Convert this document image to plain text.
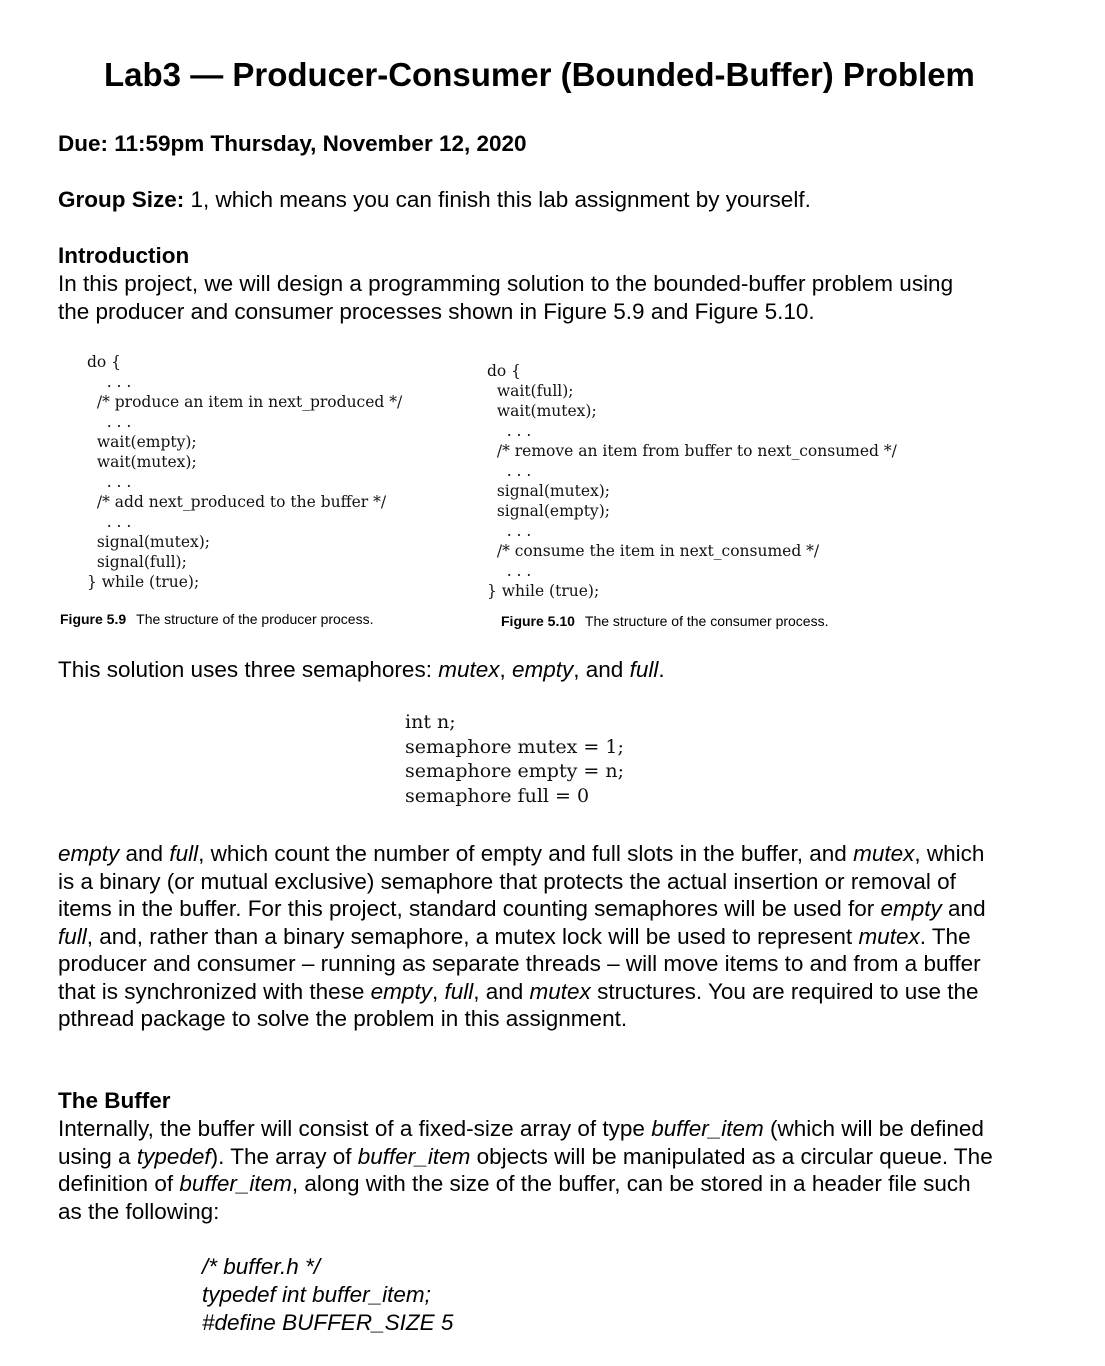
Lab3 — Producer-Consumer (Bounded-Buffer) Problem
Due: 11:59pm Thursday, November 12, 2020
Group Size: 1, which means you can finish this lab assignment by yourself.
Introduction
In this project, we will design a programming solution to the bounded-buffer problem using the producer and consumer processes shown in Figure 5.9 and Figure 5.10.
do {
. . .
/* produce an item in next_produced */
. . .
wait(empty);
wait(mutex);
. . .
/* add next_produced to the buffer */
. . .
signal(mutex);
signal(full);
} while (true);
do {
wait(full);
wait(mutex);
. . .
/* remove an item from buffer to next_consumed */
. . .
signal(mutex);
signal(empty);
. . .
/* consume the item in next_consumed */
. . .
} while (true);
Figure 5.9 The structure of the producer process.	Figure 5.10 The structure of the consumer process.
This solution uses three semaphores: mutex, empty, and full.
int n;
semaphore mutex = 1;
semaphore empty = n;
semaphore full = 0
empty and full, which count the number of empty and full slots in the buffer, and mutex, which is a binary (or mutual exclusive) semaphore that protects the actual insertion or removal of items in the buffer. For this project, standard counting semaphores will be used for empty and full, and, rather than a binary semaphore, a mutex lock will be used to represent mutex. The producer and consumer – running as separate threads – will move items to and from a buffer that is synchronized with these empty, full, and mutex structures. You are required to use the pthread package to solve the problem in this assignment.
The Buffer
Internally, the buffer will consist of a fixed-size array of type buffer_item (which will be defined using a typedef). The array of buffer_item objects will be manipulated as a circular queue. The definition of buffer_item, along with the size of the buffer, can be stored in a header file such as the following:
/* buffer.h */
typedef int buffer_item;
#define BUFFER_SIZE 5
